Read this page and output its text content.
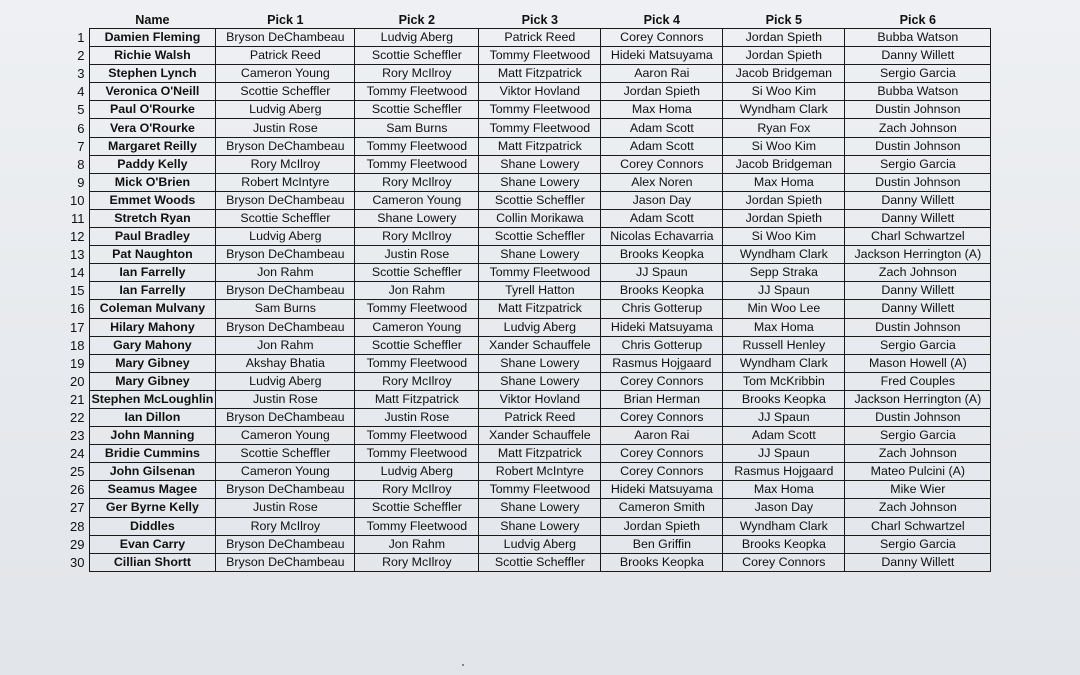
	Name	Pick 1	Pick 2	Pick 3	Pick 4	Pick 5	Pick 6
1	Damien Fleming	Bryson DeChambeau	Ludvig Aberg	Patrick Reed	Corey Connors	Jordan Spieth	Bubba Watson
2	Richie Walsh	Patrick Reed	Scottie Scheffler	Tommy Fleetwood	Hideki Matsuyama	Jordan Spieth	Danny Willett
3	Stephen Lynch	Cameron Young	Rory McIlroy	Matt Fitzpatrick	Aaron Rai	Jacob Bridgeman	Sergio Garcia
4	Veronica O'Neill	Scottie Scheffler	Tommy Fleetwood	Viktor Hovland	Jordan Spieth	Si Woo Kim	Bubba Watson
5	Paul O'Rourke	Ludvig Aberg	Scottie Scheffler	Tommy Fleetwood	Max Homa	Wyndham Clark	Dustin Johnson
6	Vera O'Rourke	Justin Rose	Sam Burns	Tommy Fleetwood	Adam Scott	Ryan Fox	Zach Johnson
7	Margaret Reilly	Bryson DeChambeau	Tommy Fleetwood	Matt Fitzpatrick	Adam Scott	Si Woo Kim	Dustin Johnson
8	Paddy Kelly	Rory McIlroy	Tommy Fleetwood	Shane Lowery	Corey Connors	Jacob Bridgeman	Sergio Garcia
9	Mick O'Brien	Robert McIntyre	Rory McIlroy	Shane Lowery	Alex Noren	Max Homa	Dustin Johnson
10	Emmet Woods	Bryson DeChambeau	Cameron Young	Scottie Scheffler	Jason Day	Jordan Spieth	Danny Willett
11	Stretch Ryan	Scottie Scheffler	Shane Lowery	Collin Morikawa	Adam Scott	Jordan Spieth	Danny Willett
12	Paul Bradley	Ludvig Aberg	Rory McIlroy	Scottie Scheffler	Nicolas Echavarria	Si Woo Kim	Charl Schwartzel
13	Pat Naughton	Bryson DeChambeau	Justin Rose	Shane Lowery	Brooks Keopka	Wyndham Clark	Jackson Herrington (A)
14	Ian Farrelly	Jon Rahm	Scottie Scheffler	Tommy Fleetwood	JJ Spaun	Sepp Straka	Zach Johnson
15	Ian Farrelly	Bryson DeChambeau	Jon Rahm	Tyrell Hatton	Brooks Keopka	JJ Spaun	Danny Willett
16	Coleman Mulvany	Sam Burns	Tommy Fleetwood	Matt Fitzpatrick	Chris Gotterup	Min Woo Lee	Danny Willett
17	Hilary Mahony	Bryson DeChambeau	Cameron Young	Ludvig Aberg	Hideki Matsuyama	Max Homa	Dustin Johnson
18	Gary Mahony	Jon Rahm	Scottie Scheffler	Xander Schauffele	Chris Gotterup	Russell Henley	Sergio Garcia
19	Mary Gibney	Akshay Bhatia	Tommy Fleetwood	Shane Lowery	Rasmus Hojgaard	Wyndham Clark	Mason Howell (A)
20	Mary Gibney	Ludvig Aberg	Rory McIlroy	Shane Lowery	Corey Connors	Tom McKribbin	Fred Couples
21	Stephen McLoughlin	Justin Rose	Matt Fitzpatrick	Viktor Hovland	Brian Herman	Brooks Keopka	Jackson Herrington (A)
22	Ian Dillon	Bryson DeChambeau	Justin Rose	Patrick Reed	Corey Connors	JJ Spaun	Dustin Johnson
23	John Manning	Cameron Young	Tommy Fleetwood	Xander Schauffele	Aaron Rai	Adam Scott	Sergio Garcia
24	Bridie Cummins	Scottie Scheffler	Tommy Fleetwood	Matt Fitzpatrick	Corey Connors	JJ Spaun	Zach Johnson
25	John Gilsenan	Cameron Young	Ludvig Aberg	Robert McIntyre	Corey Connors	Rasmus Hojgaard	Mateo Pulcini (A)
26	Seamus Magee	Bryson DeChambeau	Rory McIlroy	Tommy Fleetwood	Hideki Matsuyama	Max Homa	Mike Wier
27	Ger Byrne Kelly	Justin Rose	Scottie Scheffler	Shane Lowery	Cameron Smith	Jason Day	Zach Johnson
28	Diddles	Rory McIlroy	Tommy Fleetwood	Shane Lowery	Jordan Spieth	Wyndham Clark	Charl Schwartzel
29	Evan Carry	Bryson DeChambeau	Jon Rahm	Ludvig Aberg	Ben Griffin	Brooks Keopka	Sergio Garcia
30	Cillian Shortt	Bryson DeChambeau	Rory McIlroy	Scottie Scheffler	Brooks Keopka	Corey Connors	Danny Willett
